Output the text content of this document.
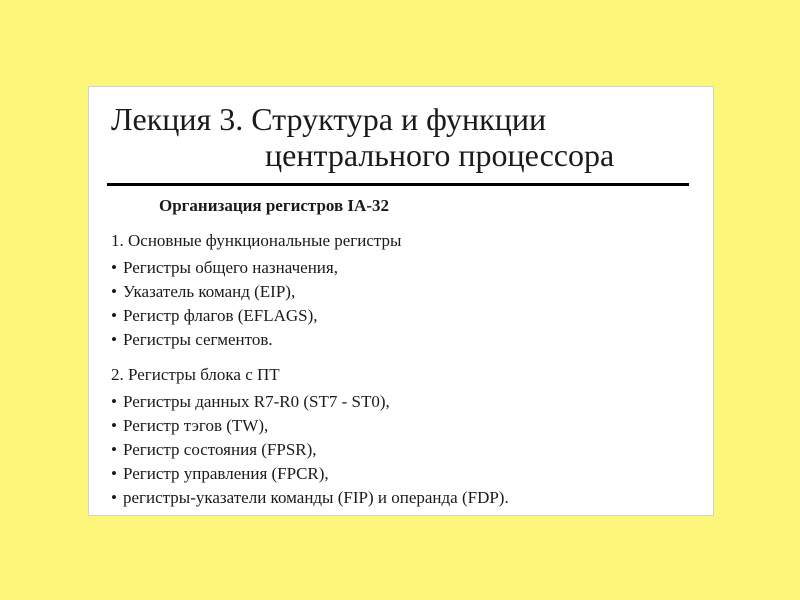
Лекция 3. Структура и функции
центрального процессора

Организация регистров IA-32

1. Основные функциональные регистры
• Регистры общего назначения,
• Указатель команд (EIP),
• Регистр флагов (EFLAGS),
• Регистры сегментов.
2. Регистры блока с ПТ
• Регистры данных R7-R0 (ST7 - ST0),
• Регистр тэгов (TW),
• Регистр состояния (FPSR),
• Регистр управления (FPCR),
• регистры-указатели команды (FIP) и операнда (FDP).
